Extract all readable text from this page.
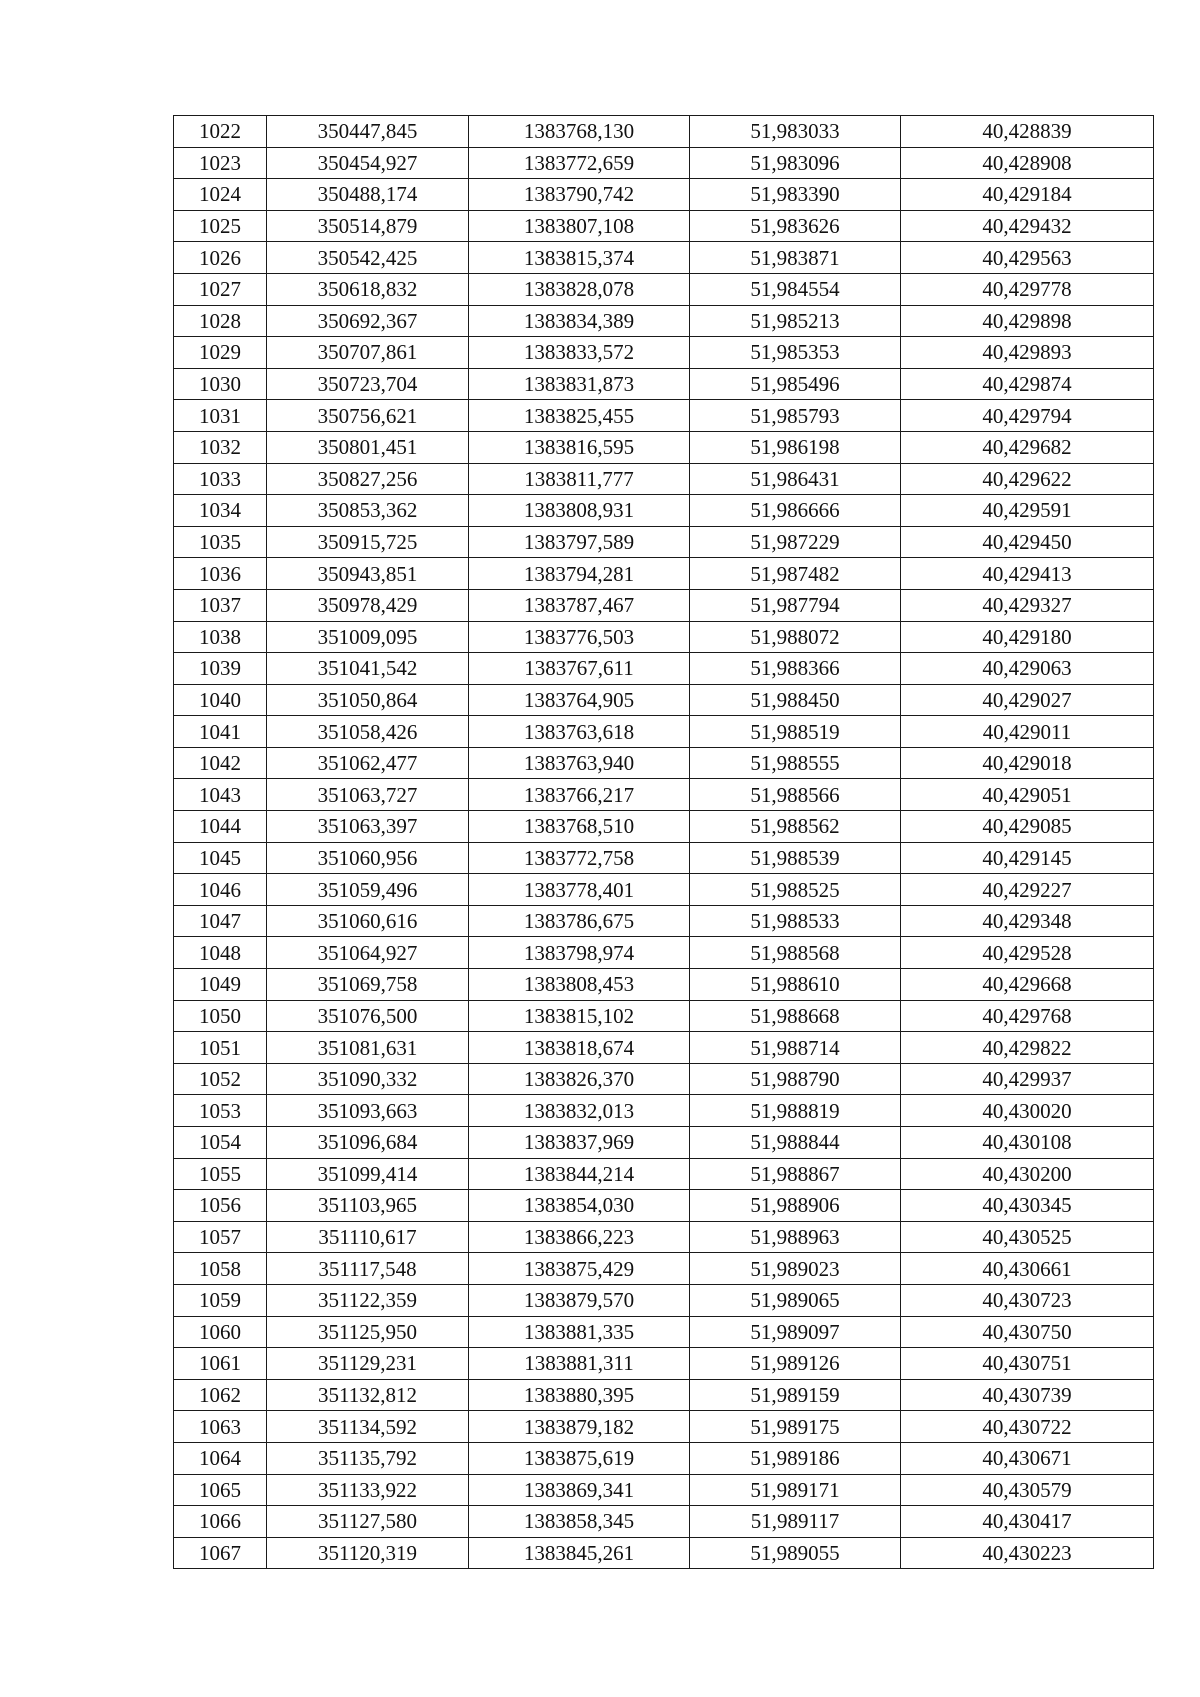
1022	350447,845	1383768,130	51,983033	40,428839
1023	350454,927	1383772,659	51,983096	40,428908
1024	350488,174	1383790,742	51,983390	40,429184
1025	350514,879	1383807,108	51,983626	40,429432
1026	350542,425	1383815,374	51,983871	40,429563
1027	350618,832	1383828,078	51,984554	40,429778
1028	350692,367	1383834,389	51,985213	40,429898
1029	350707,861	1383833,572	51,985353	40,429893
1030	350723,704	1383831,873	51,985496	40,429874
1031	350756,621	1383825,455	51,985793	40,429794
1032	350801,451	1383816,595	51,986198	40,429682
1033	350827,256	1383811,777	51,986431	40,429622
1034	350853,362	1383808,931	51,986666	40,429591
1035	350915,725	1383797,589	51,987229	40,429450
1036	350943,851	1383794,281	51,987482	40,429413
1037	350978,429	1383787,467	51,987794	40,429327
1038	351009,095	1383776,503	51,988072	40,429180
1039	351041,542	1383767,611	51,988366	40,429063
1040	351050,864	1383764,905	51,988450	40,429027
1041	351058,426	1383763,618	51,988519	40,429011
1042	351062,477	1383763,940	51,988555	40,429018
1043	351063,727	1383766,217	51,988566	40,429051
1044	351063,397	1383768,510	51,988562	40,429085
1045	351060,956	1383772,758	51,988539	40,429145
1046	351059,496	1383778,401	51,988525	40,429227
1047	351060,616	1383786,675	51,988533	40,429348
1048	351064,927	1383798,974	51,988568	40,429528
1049	351069,758	1383808,453	51,988610	40,429668
1050	351076,500	1383815,102	51,988668	40,429768
1051	351081,631	1383818,674	51,988714	40,429822
1052	351090,332	1383826,370	51,988790	40,429937
1053	351093,663	1383832,013	51,988819	40,430020
1054	351096,684	1383837,969	51,988844	40,430108
1055	351099,414	1383844,214	51,988867	40,430200
1056	351103,965	1383854,030	51,988906	40,430345
1057	351110,617	1383866,223	51,988963	40,430525
1058	351117,548	1383875,429	51,989023	40,430661
1059	351122,359	1383879,570	51,989065	40,430723
1060	351125,950	1383881,335	51,989097	40,430750
1061	351129,231	1383881,311	51,989126	40,430751
1062	351132,812	1383880,395	51,989159	40,430739
1063	351134,592	1383879,182	51,989175	40,430722
1064	351135,792	1383875,619	51,989186	40,430671
1065	351133,922	1383869,341	51,989171	40,430579
1066	351127,580	1383858,345	51,989117	40,430417
1067	351120,319	1383845,261	51,989055	40,430223
